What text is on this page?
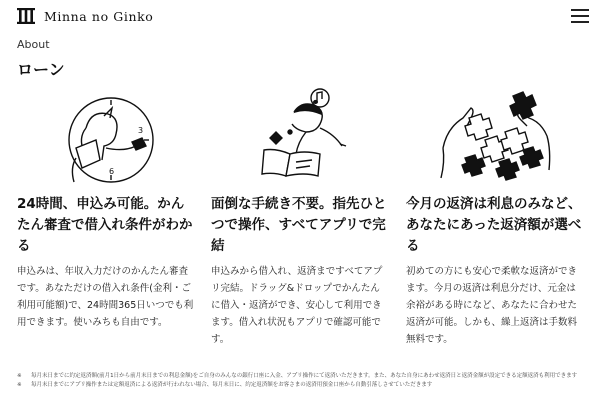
Minna no Ginko
About
ローン
3
6
24時間、申込み可能。かんたん審査で借入れ条件がわかる

申込みは、年収入力だけのかんたん審査です。あなただけの借入れ条件(金利・ご利用可能額)で、24時間365日いつでも利用できます。使いみちも自由です。

面倒な手続き不要。指先ひとつで操作、すべてアプリで完結

申込みから借入れ、返済まですべてアプリ完結。ドラッグ&ドロップでかんたんに借入・返済ができ、安心して利用できます。借入れ状況もアプリで確認可能です。

今月の返済は利息のみなど、あなたにあった返済額が選べる

初めての方にも安心で柔軟な返済ができます。今月の返済は利息分だけ、元金は余裕がある時になど、あなたに合わせた返済が可能。しかも、繰上返済は手数料無料です。

※	毎月末日までに約定返済額(前月1日から前月末日までの利息金額)をご自身のみんなの銀行口座に入金、アプリ操作にて返済いただきます。また、あなた自身にあわせ返済日と返済金額が設定できる定額返済も利用できます
※	毎月末日までにアプリ操作または定額返済による返済が行われない場合、毎月末日に、約定返済額をお客さまの返済用預金口座から自動引落しさせていただきます
